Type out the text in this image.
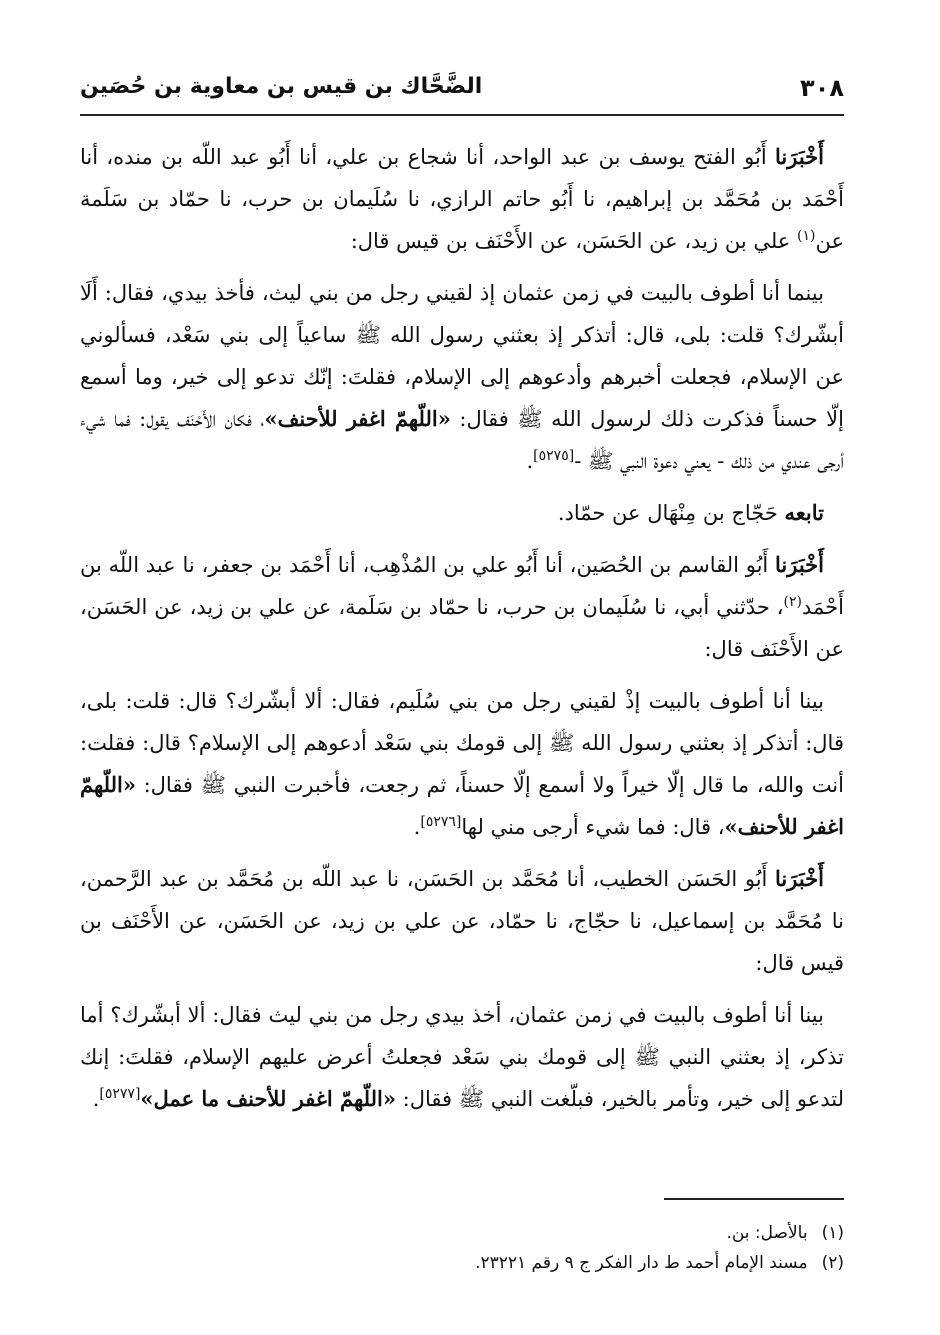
٣٠٨
الضَّحَّاك بن قيس بن معاوية بن حُصَين

أَخْبَرَنا أَبُو الفتح يوسف بن عبد الواحد، أنا شجاع بن علي، أنا أَبُو عبد اللّه بن منده، أنا أَحْمَد بن مُحَمَّد بن إبراهيم، نا أَبُو حاتم الرازي، نا سُلَيمان بن حرب، نا حمّاد بن سَلَمة عن$^{(١)}$ علي بن زيد، عن الحَسَن، عن الأَحْنَف بن قيس قال:

بينما أنا أطوف بالبيت في زمن عثمان إذ لقيني رجل من بني ليث، فأخذ بيدي، فقال: أَلَا أبشّرك؟ قلت: بلى، قال: أتذكر إذ بعثني رسول الله ﷺ ساعياً إلى بني سَعْد، فسألوني عن الإسلام، فجعلت أخبرهم وأدعوهم إلى الإسلام، فقلتَ: إنّك تدعو إلى خير، وما أسمع إلّا حسناً فذكرت ذلك لرسول الله ﷺ فقال: «اللّهمّ اغفر للأحنف»، فكان الأَحْنَف يقول: فما شيء أرجى عندي من ذلك - يعني دعوة النبي ﷺ -[٥٢٧٥].

تابعه حَجّاج بن مِنْهَال عن حمّاد.

أَخْبَرَنا أَبُو القاسم بن الحُصَين، أنا أَبُو علي بن المُذْهِب، أنا أَحْمَد بن جعفر، نا عبد اللّه بن أَحْمَد$^{(٢)}$، حدّثني أبي، نا سُلَيمان بن حرب، نا حمّاد بن سَلَمة، عن علي بن زيد، عن الحَسَن، عن الأَحْنَف قال:

بينا أنا أطوف بالبيت إذْ لقيني رجل من بني سُلَيم، فقال: ألا أبشّرك؟ قال: قلت: بلى، قال: أتذكر إذ بعثني رسول الله ﷺ إلى قومك بني سَعْد أدعوهم إلى الإسلام؟ قال: فقلت: أنت والله، ما قال إلّا خيراً ولا أسمع إلّا حسناً، ثم رجعت، فأخبرت النبي ﷺ فقال: «اللّهمّ اغفر للأحنف»، قال: فما شيء أرجى مني لها[٥٢٧٦].

أَخْبَرَنا أَبُو الحَسَن الخطيب، أنا مُحَمَّد بن الحَسَن، نا عبد اللّه بن مُحَمَّد بن عبد الرَّحمن، نا مُحَمَّد بن إسماعيل، نا حجّاج، نا حمّاد، عن علي بن زيد، عن الحَسَن، عن الأَحْنَف بن قيس قال:

بينا أنا أطوف بالبيت في زمن عثمان، أخذ بيدي رجل من بني ليث فقال: ألا أبشّرك؟ أما تذكر، إذ بعثني النبي ﷺ إلى قومك بني سَعْد فجعلتُ أعرض عليهم الإسلام، فقلتَ: إنك لتدعو إلى خير، وتأمر بالخير، فبلّغت النبي ﷺ فقال: «اللّهمّ اغفر للأحنف ما عمل»[٥٢٧٧].

(١)بالأصل: بن.
(٢)مسند الإمام أحمد ط دار الفكر ج ٩ رقم ٢٣٢٢١.
